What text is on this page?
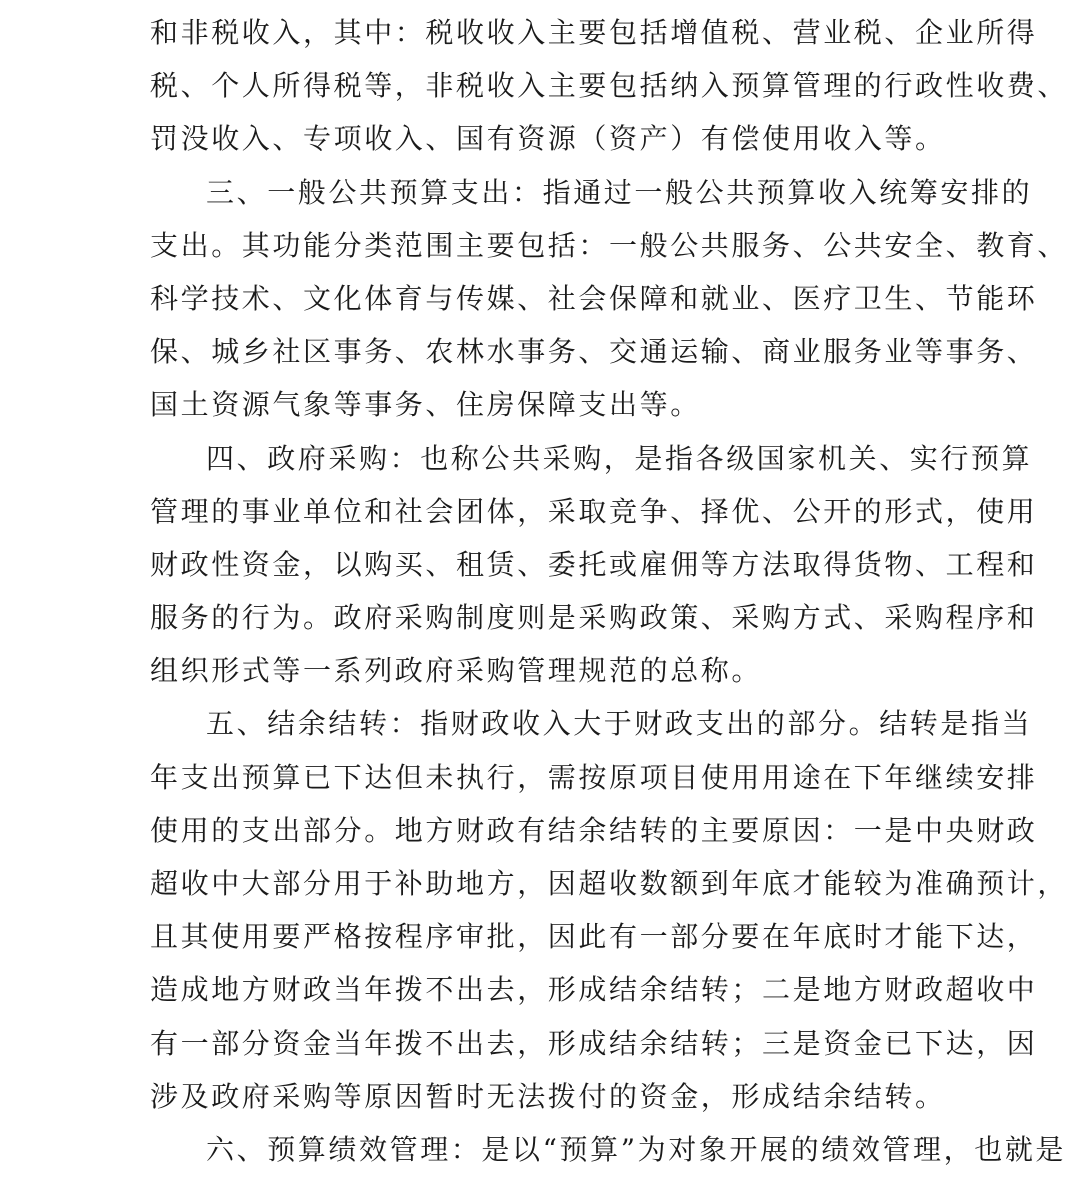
和非税收入，其中：税收收入主要包括增值税、营业税、企业所得
税、个人所得税等，非税收入主要包括纳入预算管理的行政性收费、
罚没收入、专项收入、国有资源（资产）有偿使用收入等。
三、一般公共预算支出：指通过一般公共预算收入统筹安排的
支出。其功能分类范围主要包括：一般公共服务、公共安全、教育、
科学技术、文化体育与传媒、社会保障和就业、医疗卫生、节能环
保、城乡社区事务、农林水事务、交通运输、商业服务业等事务、
国土资源气象等事务、住房保障支出等。
四、政府采购：也称公共采购，是指各级国家机关、实行预算
管理的事业单位和社会团体，采取竞争、择优、公开的形式，使用
财政性资金，以购买、租赁、委托或雇佣等方法取得货物、工程和
服务的行为。政府采购制度则是采购政策、采购方式、采购程序和
组织形式等一系列政府采购管理规范的总称。
五、结余结转：指财政收入大于财政支出的部分。结转是指当
年支出预算已下达但未执行，需按原项目使用用途在下年继续安排
使用的支出部分。地方财政有结余结转的主要原因：一是中央财政
超收中大部分用于补助地方，因超收数额到年底才能较为准确预计，
且其使用要严格按程序审批，因此有一部分要在年底时才能下达，
造成地方财政当年拨不出去，形成结余结转；二是地方财政超收中
有一部分资金当年拨不出去，形成结余结转；三是资金已下达，因
涉及政府采购等原因暂时无法拨付的资金，形成结余结转。
六、预算绩效管理：是以“预算”为对象开展的绩效管理，也就是
